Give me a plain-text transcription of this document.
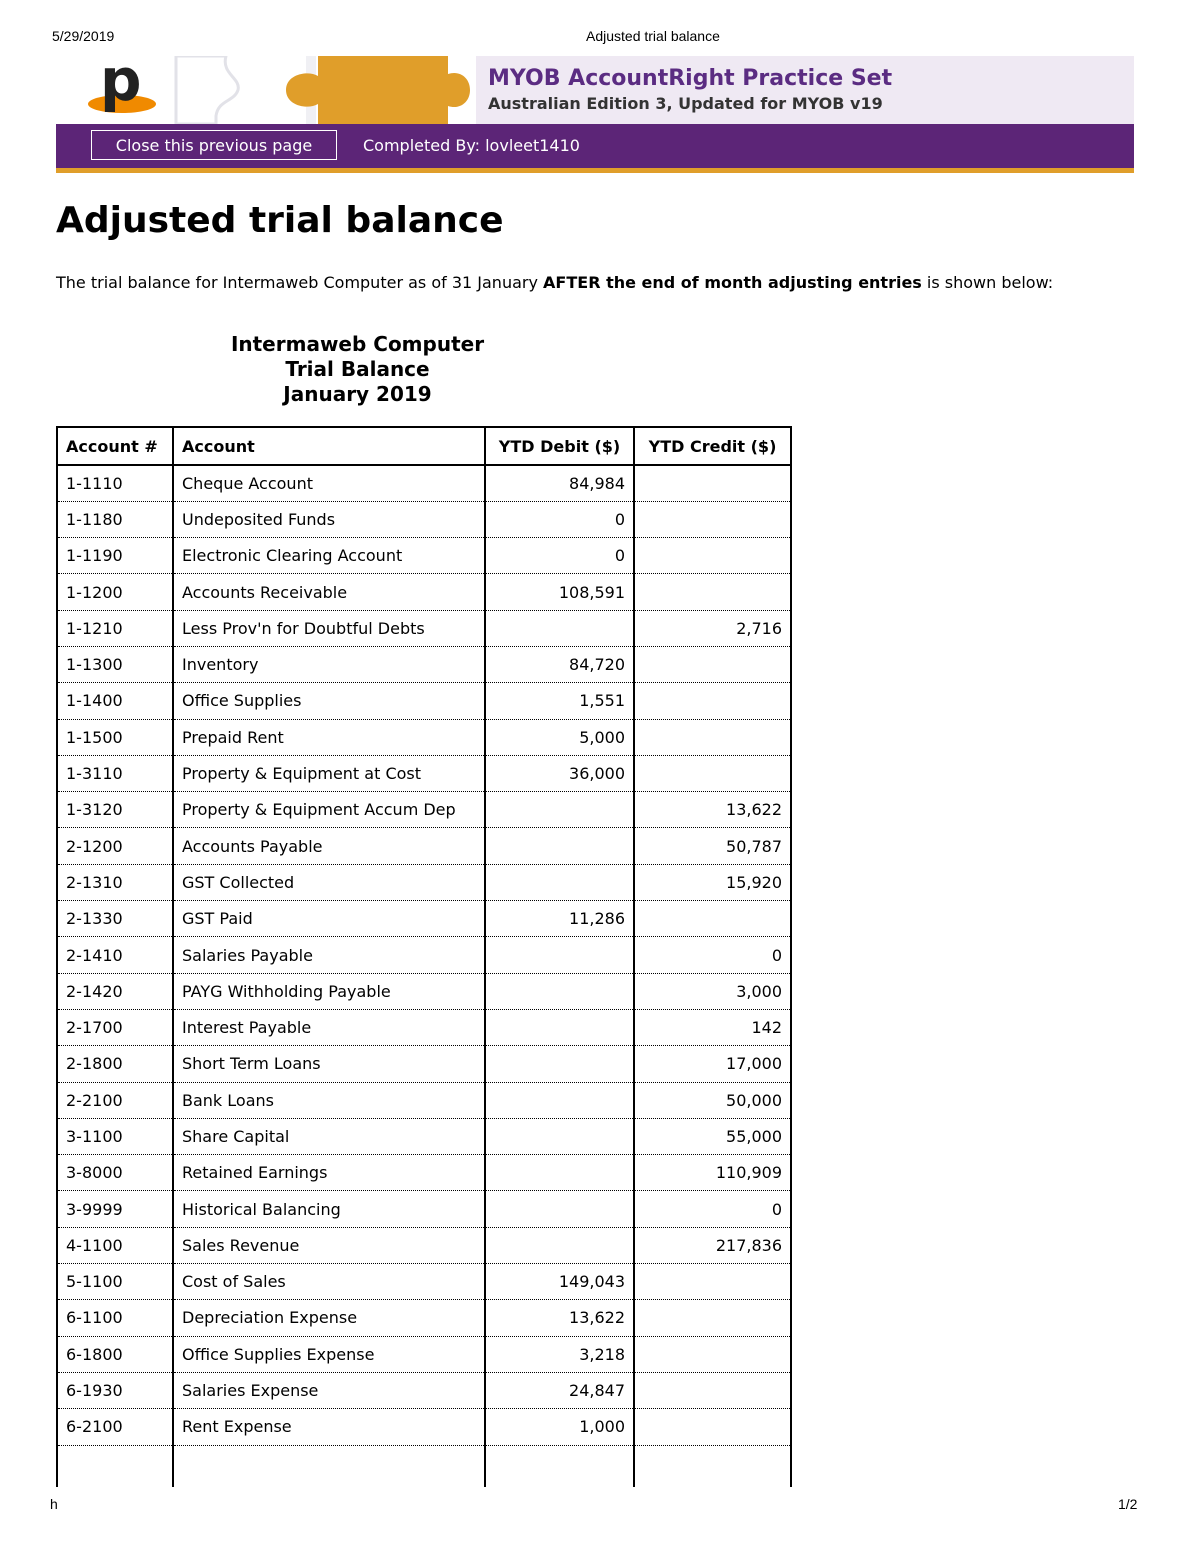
5/29/2019	Adjusted trial balance
p	MYOB AccountRight Practice Set
Australian Edition 3, Updated for MYOB v19
Close this previous page	Completed By: lovleet1410
Adjusted trial balance

The trial balance for Intermaweb Computer as of 31 January AFTER the end of month adjusting entries is shown below:

Intermaweb Computer
Trial Balance
January 2019
Account #	Account	YTD Debit ($)	YTD Credit ($)
1-1110	Cheque Account	84,984	
1-1180	Undeposited Funds	0	
1-1190	Electronic Clearing Account	0	
1-1200	Accounts Receivable	108,591	
1-1210	Less Prov'n for Doubtful Debts		2,716
1-1300	Inventory	84,720	
1-1400	Office Supplies	1,551	
1-1500	Prepaid Rent	5,000	
1-3110	Property & Equipment at Cost	36,000	
1-3120	Property & Equipment Accum Dep		13,622
2-1200	Accounts Payable		50,787
2-1310	GST Collected		15,920
2-1330	GST Paid	11,286	
2-1410	Salaries Payable		0
2-1420	PAYG Withholding Payable		3,000
2-1700	Interest Payable		142
2-1800	Short Term Loans		17,000
2-2100	Bank Loans		50,000
3-1100	Share Capital		55,000
3-8000	Retained Earnings		110,909
3-9999	Historical Balancing		0
4-1100	Sales Revenue		217,836
5-1100	Cost of Sales	149,043	
6-1100	Depreciation Expense	13,622	
6-1800	Office Supplies Expense	3,218	
6-1930	Salaries Expense	24,847	
6-2100	Rent Expense	1,000	

h	1/2
